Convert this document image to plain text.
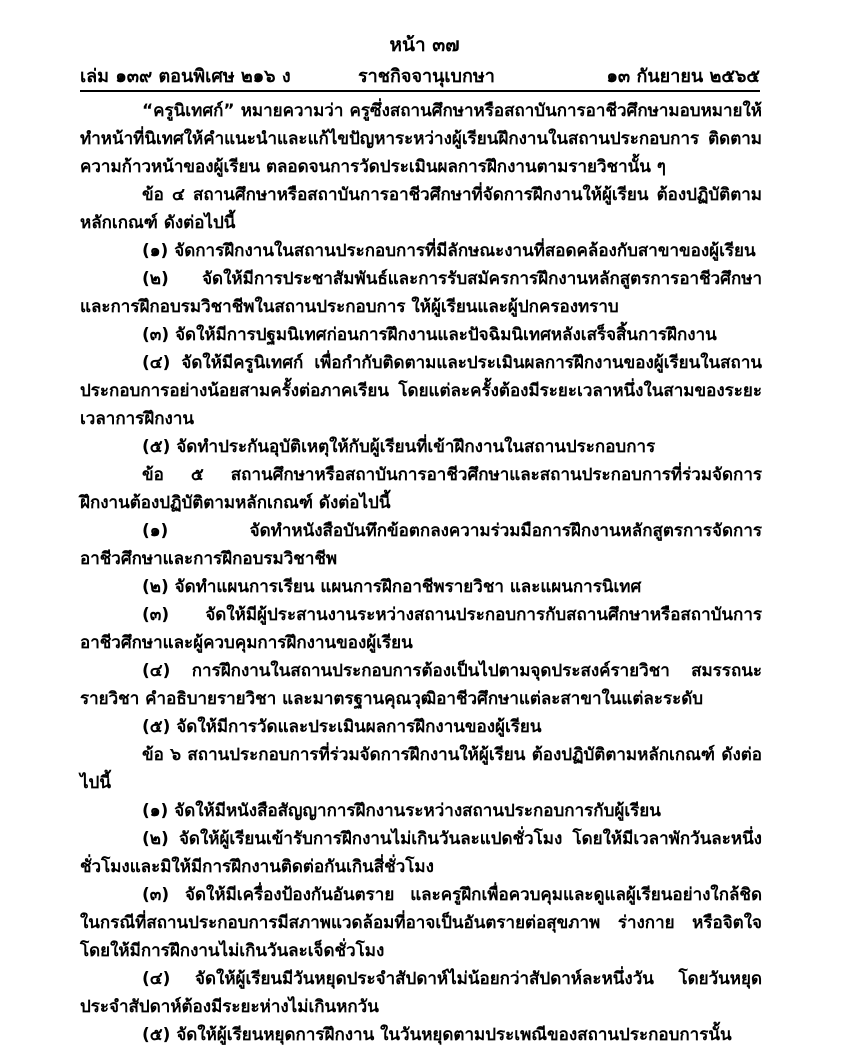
หน้า ๓๗
เล่ม ๑๓๙ ตอนพิเศษ ๒๑๖ ง	ราชกิจจานุเบกษา	๑๓ กันยายน ๒๕๖๕

“ครูนิเทศก์” หมายความว่า ครูซึ่งสถานศึกษาหรือสถาบันการอาชีวศึกษามอบหมายให้ทำหน้าที่นิเทศให้คำแนะนำและแก้ไขปัญหาระหว่างผู้เรียนฝึกงานในสถานประกอบการ ติดตามความก้าวหน้าของผู้เรียน ตลอดจนการวัดประเมินผลการฝึกงานตามรายวิชานั้น ๆ

ข้อ ๔ สถานศึกษาหรือสถาบันการอาชีวศึกษาที่จัดการฝึกงานให้ผู้เรียน ต้องปฏิบัติตามหลักเกณฑ์ ดังต่อไปนี้

(๑) จัดการฝึกงานในสถานประกอบการที่มีลักษณะงานที่สอดคล้องกับสาขาของผู้เรียน

(๒) จัดให้มีการประชาสัมพันธ์และการรับสมัครการฝึกงานหลักสูตรการอาชีวศึกษาและการฝึกอบรมวิชาชีพในสถานประกอบการ ให้ผู้เรียนและผู้ปกครองทราบ

(๓) จัดให้มีการปฐมนิเทศก่อนการฝึกงานและปัจฉิมนิเทศหลังเสร็จสิ้นการฝึกงาน

(๔) จัดให้มีครูนิเทศก์ เพื่อกำกับติดตามและประเมินผลการฝึกงานของผู้เรียนในสถานประกอบการอย่างน้อยสามครั้งต่อภาคเรียน โดยแต่ละครั้งต้องมีระยะเวลาหนึ่งในสามของระยะเวลาการฝึกงาน

(๕) จัดทำประกันอุบัติเหตุให้กับผู้เรียนที่เข้าฝึกงานในสถานประกอบการ

ข้อ ๕ สถานศึกษาหรือสถาบันการอาชีวศึกษาและสถานประกอบการที่ร่วมจัดการฝึกงานต้องปฏิบัติตามหลักเกณฑ์ ดังต่อไปนี้

(๑) จัดทำหนังสือบันทึกข้อตกลงความร่วมมือการฝึกงานหลักสูตรการจัดการอาชีวศึกษาและการฝึกอบรมวิชาชีพ

(๒) จัดทำแผนการเรียน แผนการฝึกอาชีพรายวิชา และแผนการนิเทศ

(๓) จัดให้มีผู้ประสานงานระหว่างสถานประกอบการกับสถานศึกษาหรือสถาบันการอาชีวศึกษาและผู้ควบคุมการฝึกงานของผู้เรียน

(๔) การฝึกงานในสถานประกอบการต้องเป็นไปตามจุดประสงค์รายวิชา สมรรถนะรายวิชา คำอธิบายรายวิชา และมาตรฐานคุณวุฒิอาชีวศึกษาแต่ละสาขาในแต่ละระดับ

(๕) จัดให้มีการวัดและประเมินผลการฝึกงานของผู้เรียน

ข้อ ๖ สถานประกอบการที่ร่วมจัดการฝึกงานให้ผู้เรียน ต้องปฏิบัติตามหลักเกณฑ์ ดังต่อไปนี้

(๑) จัดให้มีหนังสือสัญญาการฝึกงานระหว่างสถานประกอบการกับผู้เรียน

(๒) จัดให้ผู้เรียนเข้ารับการฝึกงานไม่เกินวันละแปดชั่วโมง โดยให้มีเวลาพักวันละหนึ่งชั่วโมงและมิให้มีการฝึกงานติดต่อกันเกินสี่ชั่วโมง

(๓) จัดให้มีเครื่องป้องกันอันตราย และครูฝึกเพื่อควบคุมและดูแลผู้เรียนอย่างใกล้ชิด ในกรณีที่สถานประกอบการมีสภาพแวดล้อมที่อาจเป็นอันตรายต่อสุขภาพ ร่างกาย หรือจิตใจ โดยให้มีการฝึกงานไม่เกินวันละเจ็ดชั่วโมง

(๔) จัดให้ผู้เรียนมีวันหยุดประจำสัปดาห์ไม่น้อยกว่าสัปดาห์ละหนึ่งวัน โดยวันหยุดประจำสัปดาห์ต้องมีระยะห่างไม่เกินหกวัน

(๕) จัดให้ผู้เรียนหยุดการฝึกงาน ในวันหยุดตามประเพณีของสถานประกอบการนั้น
